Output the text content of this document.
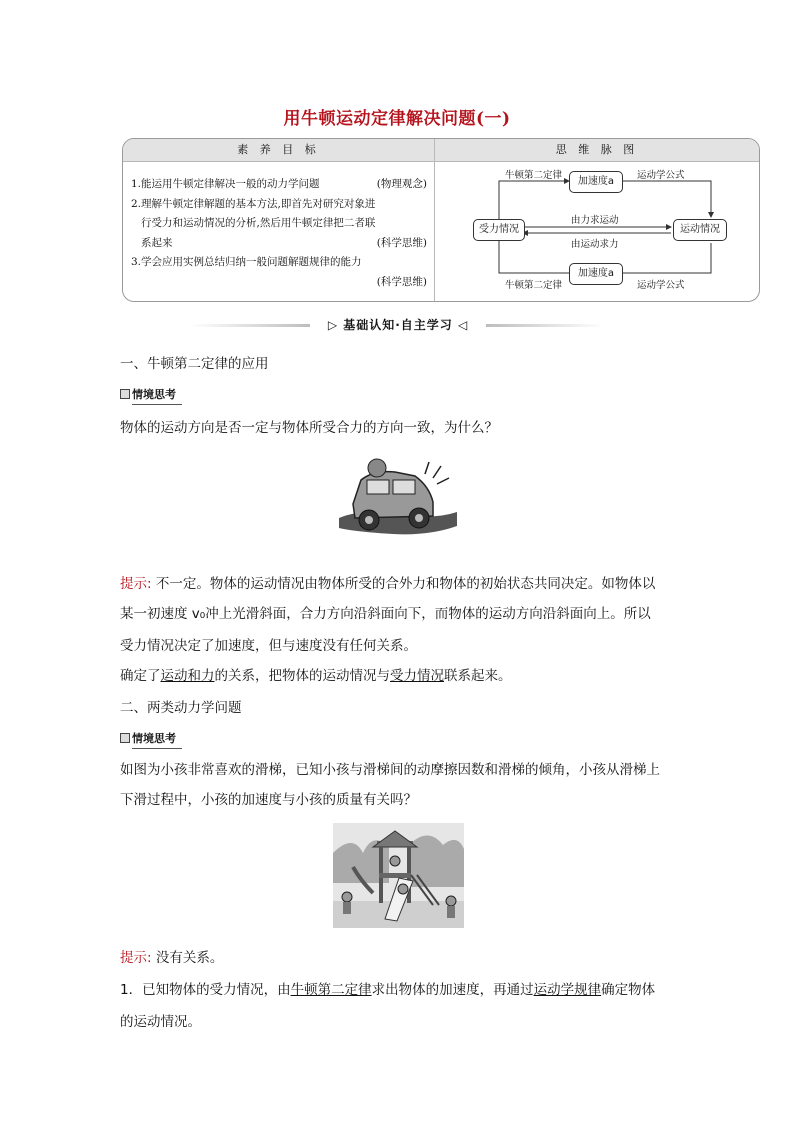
用牛顿运动定律解决问题(一)
素 养 目 标	思 维 脉 图
1.能运用牛顿定律解决一般的动力学问题	(物理观念)
2.理解牛顿定律解题的基本方法,即首先对研究对象进
行受力和运动情况的分析,然后用牛顿定律把二者联
系起来	(科学思维)
3.学会应用实例总结归纳一般问题解题规律的能力
(科学思维)
加速度a
加速度a
受力情况	运动情况
牛顿第二定律	运动学公式
牛顿第二定律	运动学公式
由力求运动
由运动求力
▷ 基础认知·自主学习 ◁
一、牛顿第二定律的应用
情境思考
物体的运动方向是否一定与物体所受合力的方向一致，为什么？
提示: 不一定。物体的运动情况由物体所受的合外力和物体的初始状态共同决定。如物体以
某一初速度 v₀冲上光滑斜面，合力方向沿斜面向下，而物体的运动方向沿斜面向上。所以
受力情况决定了加速度，但与速度没有任何关系。
确定了运动和力的关系，把物体的运动情况与受力情况联系起来。
二、两类动力学问题
情境思考
如图为小孩非常喜欢的滑梯，已知小孩与滑梯间的动摩擦因数和滑梯的倾角，小孩从滑梯上
下滑过程中，小孩的加速度与小孩的质量有关吗？
提示: 没有关系。
1．已知物体的受力情况，由牛顿第二定律求出物体的加速度，再通过运动学规律确定物体
的运动情况。
